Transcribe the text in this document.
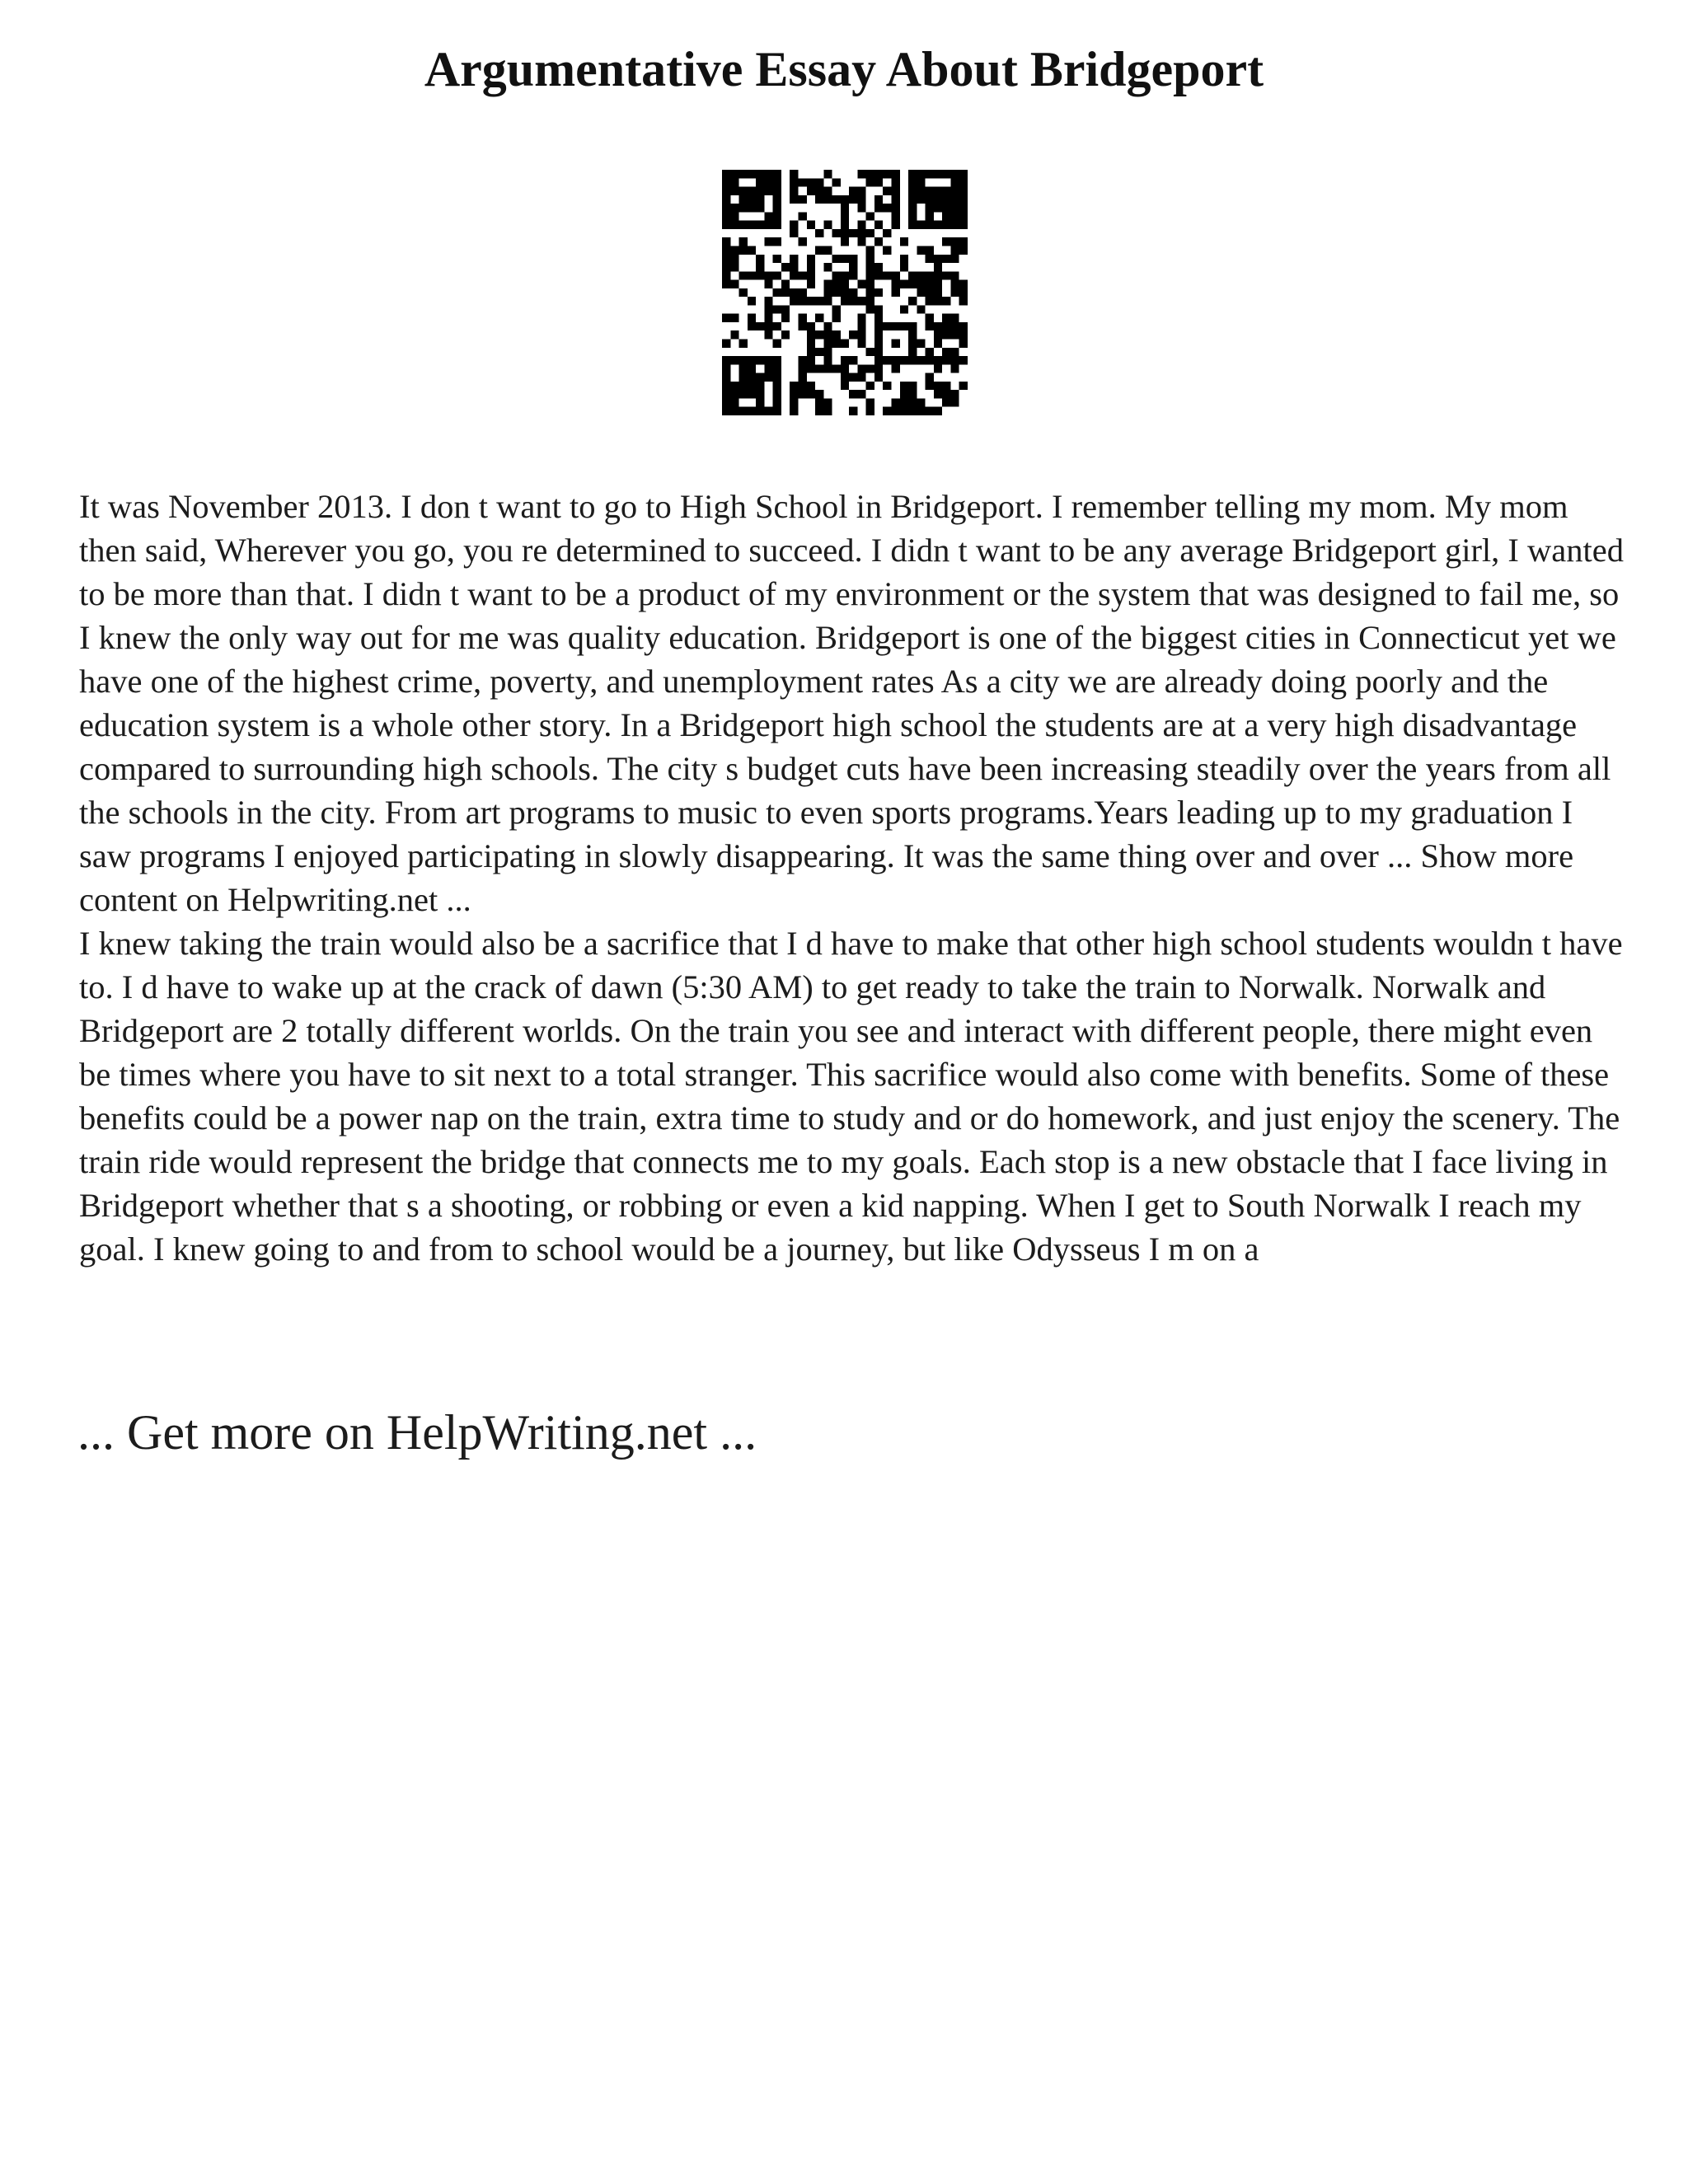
Argumentative Essay About Bridgeport

It was November 2013. I don t want to go to High School in Bridgeport. I remember telling my mom. My mom then said, Wherever you go, you re determined to succeed. I didn t want to be any average Bridgeport girl, I wanted to be more than that. I didn t want to be a product of my environment or the system that was designed to fail me, so I knew the only way out for me was quality education. Bridgeport is one of the biggest cities in Connecticut yet we have one of the highest crime, poverty, and unemployment rates As a city we are already doing poorly and the education system is a whole other story. In a Bridgeport high school the students are at a very high disadvantage compared to surrounding high schools. The city s budget cuts have been increasing steadily over the years from all the schools in the city. From art programs to music to even sports programs.Years leading up to my graduation I saw programs I enjoyed participating in slowly disappearing. It was the same thing over and over ... Show more content on Helpwriting.net ...

I knew taking the train would also be a sacrifice that I d have to make that other high school students wouldn t have to. I d have to wake up at the crack of dawn (5:30 AM) to get ready to take the train to Norwalk. Norwalk and Bridgeport are 2 totally different worlds. On the train you see and interact with different people, there might even be times where you have to sit next to a total stranger. This sacrifice would also come with benefits. Some of these benefits could be a power nap on the train, extra time to study and or do homework, and just enjoy the scenery. The train ride would represent the bridge that connects me to my goals. Each stop is a new obstacle that I face living in Bridgeport whether that s a shooting, or robbing or even a kid napping. When I get to South Norwalk I reach my goal. I knew going to and from to school would be a journey, but like Odysseus I m on a

... Get more on HelpWriting.net ...
